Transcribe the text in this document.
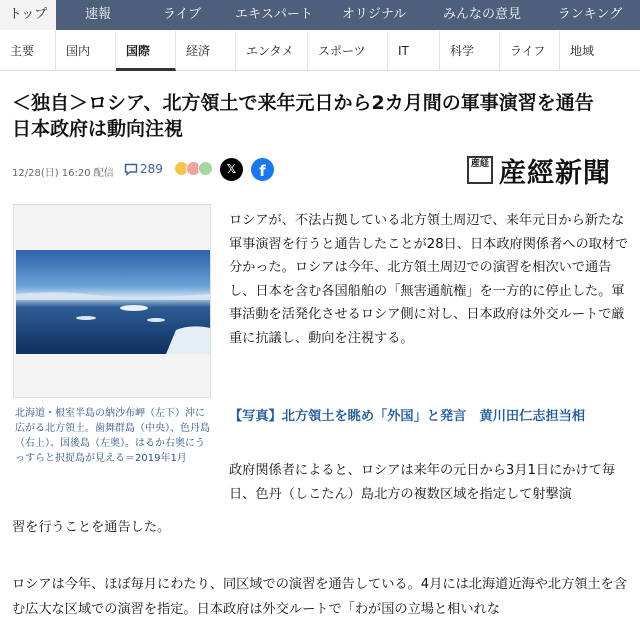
トップ	速報	ライブ	エキスパート	オリジナル	みんなの意見	ランキング
主要	国内	国際	経済	エンタメ	スポーツ	IT	科学	ライフ	地域
＜独自＞ロシア、北方領土で来年元日から2カ月間の軍事演習を通告
日本政府は動向注視
12/28(日) 16:20 配信 289	𝕏	f	産経 産經新聞
北海道・根室半島の納沙布岬（左下）沖に広がる北方領土。歯舞群島（中央）、色丹島（右上）、国後島（左奥）。はるか右奥にうっすらと択捉島が見える＝2019年1月

ロシアが、不法占拠している北方領土周辺で、来年元日から新たな軍事演習を行うと通告したことが28日、日本政府関係者への取材で分かった。ロシアは今年、北方領土周辺での演習を相次いで通告し、日本を含む各国船舶の「無害通航権」を一方的に停止した。軍事活動を活発化させるロシア側に対し、日本政府は外交ルートで厳重に抗議し、動向を注視する。

【写真】北方領土を眺め「外国」と発言　黄川田仁志担当相

政府関係者によると、ロシアは来年の元日から3月1日にかけて毎日、色丹（しこたん）島北方の複数区域を指定して射撃演

習を行うことを通告した。

ロシアは今年、ほぼ毎月にわたり、同区域での演習を通告している。4月には北海道近海や北方領土を含む広大な区域での演習を指定。日本政府は外交ルートで「わが国の立場と相いれな
